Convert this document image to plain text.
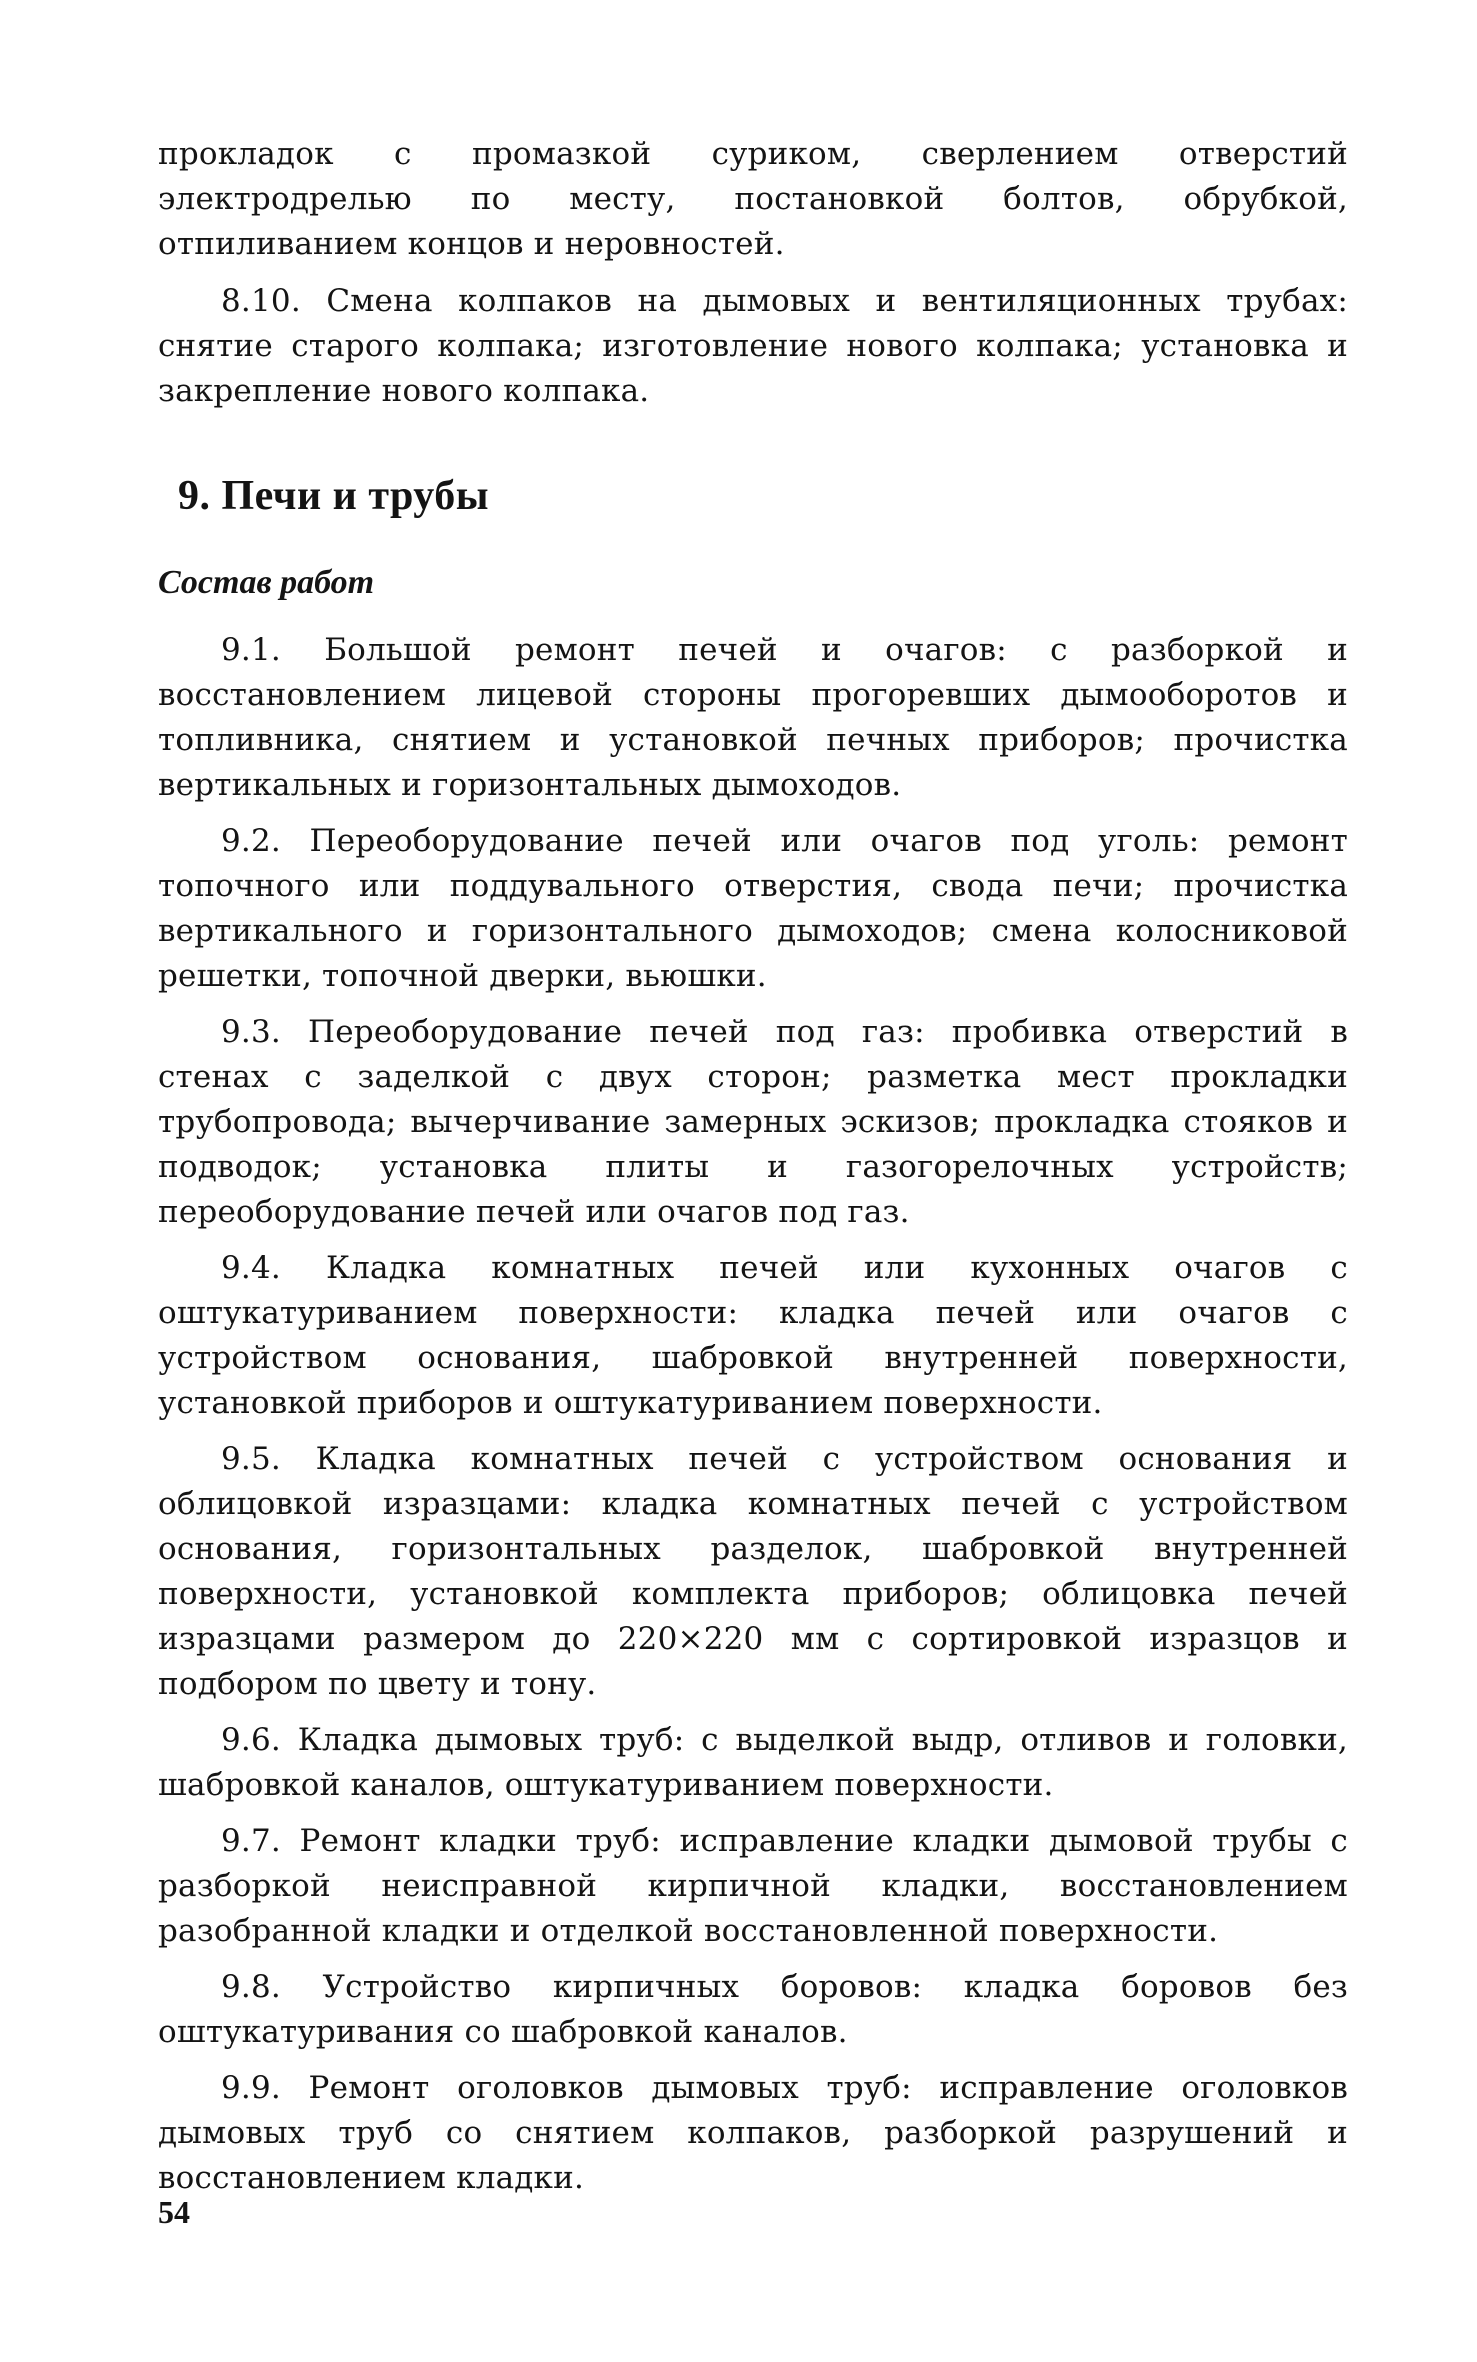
прокладок с промазкой суриком, сверлением отверстий электродрелью по месту, постановкой болтов, обрубкой, отпиливанием концов и неровностей.

8.10. Смена колпаков на дымовых и вентиляционных трубах: снятие старого колпака; изготовление нового колпака; установка и закрепление нового колпака.

9. Печи и трубы
Состав работ

9.1. Большой ремонт печей и очагов: с разборкой и восстановлением лицевой стороны прогоревших дымооборотов и топливника, снятием и установкой печных приборов; прочистка вертикальных и горизонтальных дымоходов.

9.2. Переоборудование печей или очагов под уголь: ремонт топочного или поддувального отверстия, свода печи; прочистка вертикального и горизонтального дымоходов; смена колосниковой решетки, топочной дверки, вьюшки.

9.3. Переоборудование печей под газ: пробивка отверстий в стенах с заделкой с двух сторон; разметка мест прокладки трубопровода; вычерчивание замерных эскизов; прокладка стояков и подводок; установка плиты и газогорелочных устройств; переоборудование печей или очагов под газ.

9.4. Кладка комнатных печей или кухонных очагов с оштукатуриванием поверхности: кладка печей или очагов с устройством основания, шабровкой внутренней поверхности, установкой приборов и оштукатуриванием поверхности.

9.5. Кладка комнатных печей с устройством основания и облицовкой изразцами: кладка комнатных печей с устройством основания, горизонтальных разделок, шабровкой внутренней поверхности, установкой комплекта приборов; облицовка печей изразцами размером до 220×220 мм с сортировкой изразцов и подбором по цвету и тону.

9.6. Кладка дымовых труб: с выделкой выдр, отливов и головки, шабровкой каналов, оштукатуриванием поверхности.

9.7. Ремонт кладки труб: исправление кладки дымовой трубы с разборкой неисправной кирпичной кладки, восстановлением разобранной кладки и отделкой восстановленной поверхности.

9.8. Устройство кирпичных боровов: кладка боровов без оштукатуривания со шабровкой каналов.

9.9. Ремонт оголовков дымовых труб: исправление оголовков дымовых труб со снятием колпаков, разборкой разрушений и восстановлением кладки.

54
